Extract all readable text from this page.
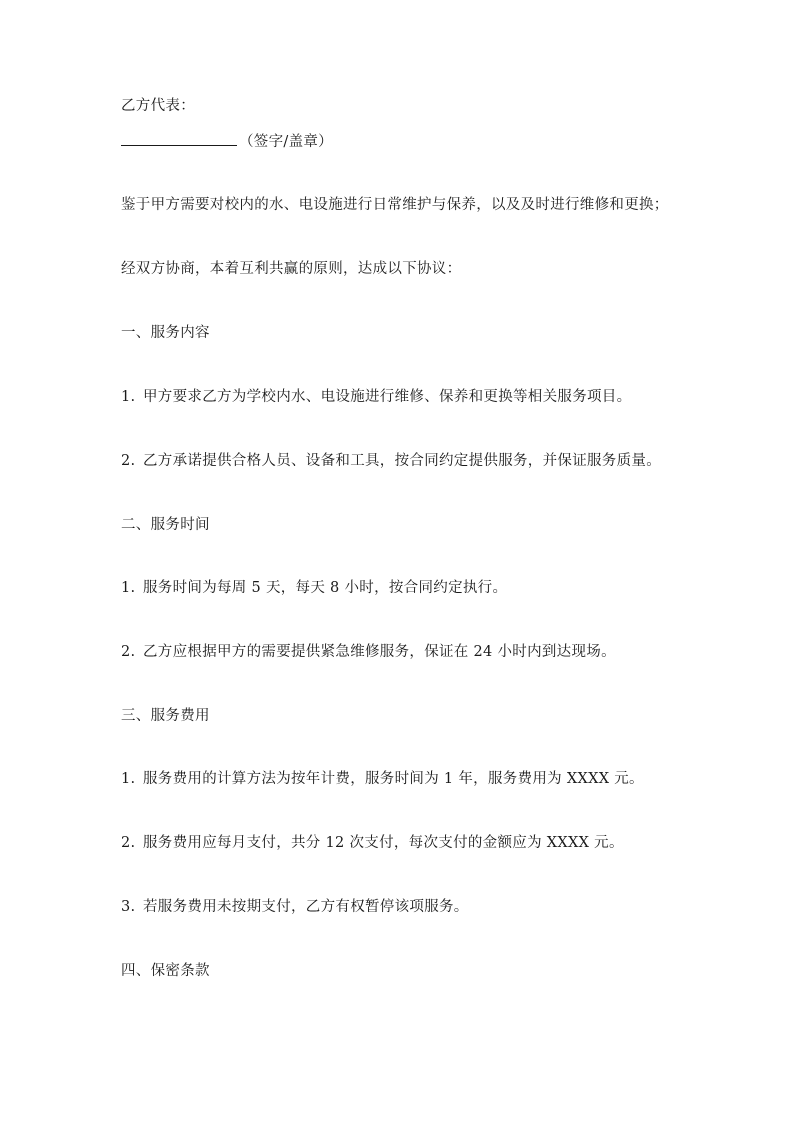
乙方代表：
（签字/盖章）
鉴于甲方需要对校内的水、电设施进行日常维护与保养，以及及时进行维修和更换；
经双方协商，本着互利共赢的原则，达成以下协议：
一、服务内容
1. 甲方要求乙方为学校内水、电设施进行维修、保养和更换等相关服务项目。
2. 乙方承诺提供合格人员、设备和工具，按合同约定提供服务，并保证服务质量。
二、服务时间
1. 服务时间为每周 5 天，每天 8 小时，按合同约定执行。
2. 乙方应根据甲方的需要提供紧急维修服务，保证在 24 小时内到达现场。
三、服务费用
1. 服务费用的计算方法为按年计费，服务时间为 1 年，服务费用为 XXXX 元。
2. 服务费用应每月支付，共分 12 次支付，每次支付的金额应为 XXXX 元。
3. 若服务费用未按期支付，乙方有权暂停该项服务。
四、保密条款
